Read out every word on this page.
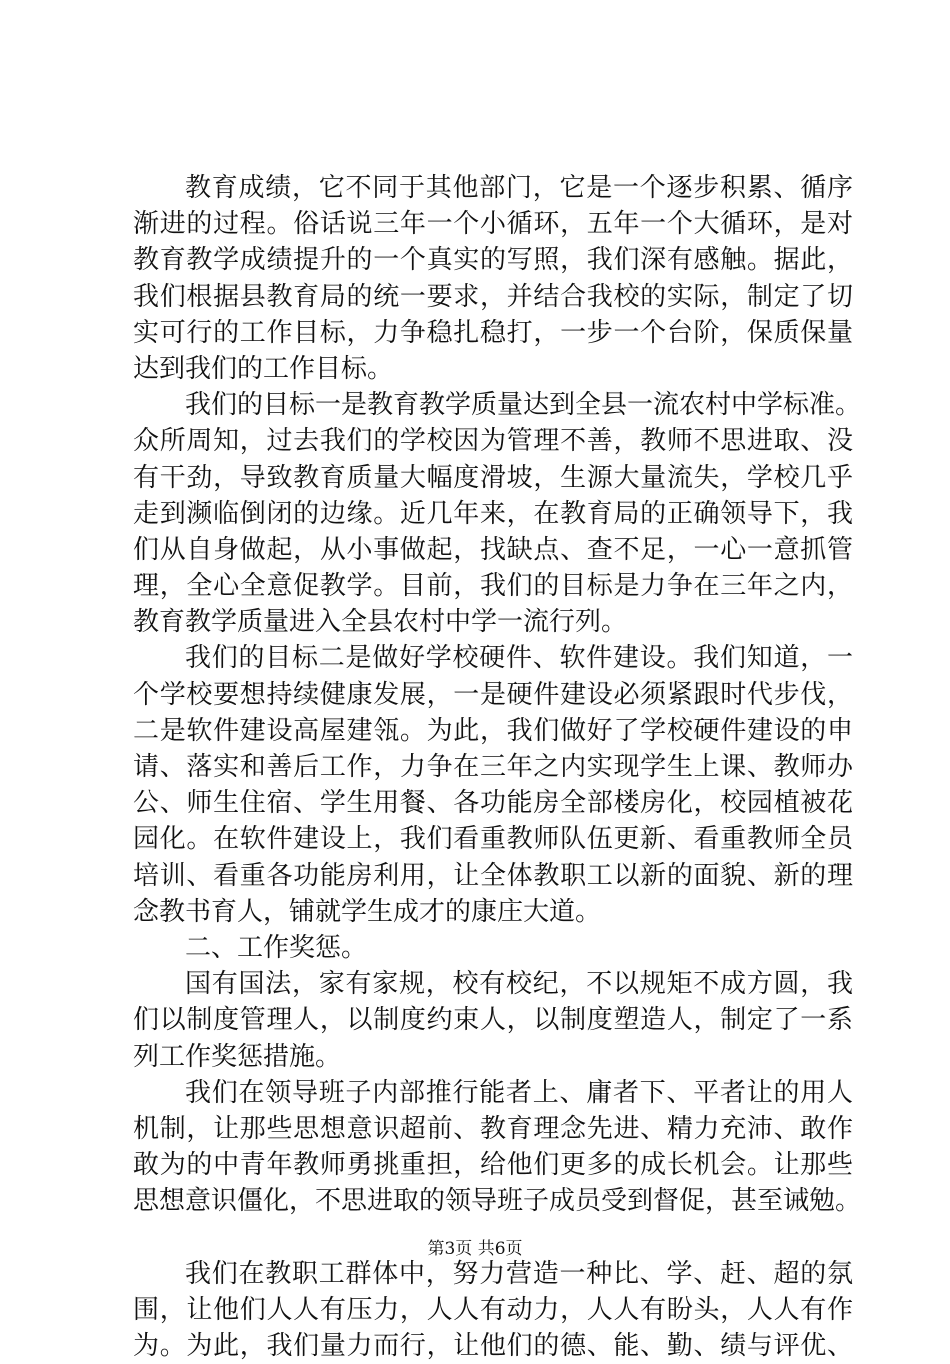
教育成绩，它不同于其他部门，它是一个逐步积累、循序
渐进的过程。俗话说三年一个小循环，五年一个大循环，是对
教育教学成绩提升的一个真实的写照，我们深有感触。据此，
我们根据县教育局的统一要求，并结合我校的实际，制定了切
实可行的工作目标，力争稳扎稳打，一步一个台阶，保质保量
达到我们的工作目标。
我们的目标一是教育教学质量达到全县一流农村中学标准。
众所周知，过去我们的学校因为管理不善，教师不思进取、没
有干劲，导致教育质量大幅度滑坡，生源大量流失，学校几乎
走到濒临倒闭的边缘。近几年来，在教育局的正确领导下，我
们从自身做起，从小事做起，找缺点、查不足，一心一意抓管
理，全心全意促教学。目前，我们的目标是力争在三年之内，
教育教学质量进入全县农村中学一流行列。
我们的目标二是做好学校硬件、软件建设。我们知道，一
个学校要想持续健康发展，一是硬件建设必须紧跟时代步伐，
二是软件建设高屋建瓴。为此，我们做好了学校硬件建设的申
请、落实和善后工作，力争在三年之内实现学生上课、教师办
公、师生住宿、学生用餐、各功能房全部楼房化，校园植被花
园化。在软件建设上，我们看重教师队伍更新、看重教师全员
培训、看重各功能房利用，让全体教职工以新的面貌、新的理
念教书育人，铺就学生成才的康庄大道。
二、工作奖惩。
国有国法，家有家规，校有校纪，不以规矩不成方圆，我
们以制度管理人，以制度约束人，以制度塑造人，制定了一系
列工作奖惩措施。
我们在领导班子内部推行能者上、庸者下、平者让的用人
机制，让那些思想意识超前、教育理念先进、精力充沛、敢作
敢为的中青年教师勇挑重担，给他们更多的成长机会。让那些
思想意识僵化，不思进取的领导班子成员受到督促，甚至诫勉。
我们在教职工群体中，努力营造一种比、学、赶、超的氛
围，让他们人人有压力，人人有动力，人人有盼头，人人有作
为。为此，我们量力而行，让他们的德、能、勤、绩与评优、
第3页 共6页
